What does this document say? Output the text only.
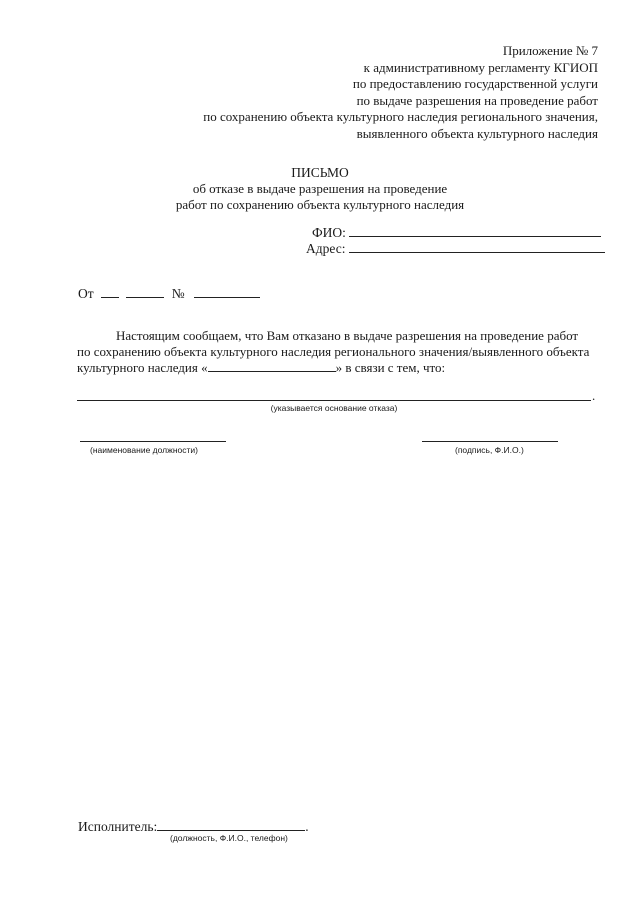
Приложение № 7
к административному регламенту КГИОП
по предоставлению государственной услуги
по выдаче разрешения на проведение работ
по сохранению объекта культурного наследия регионального значения,
выявленного объекта культурного наследия
ПИСЬМО
об отказе в выдаче разрешения на проведение
работ по сохранению объекта культурного наследия
ФИО:
Адрес:
От	№
Настоящим сообщаем, что Вам отказано в выдаче разрешения на проведение работ
по сохранению объекта культурного наследия регионального значения/выявленного объекта
культурного наследия «	» в связи с тем, что:
.
(указывается основание отказа)
(наименование должности)	(подпись, Ф.И.О.)
Исполнитель:	.
(должность, Ф.И.О., телефон)
